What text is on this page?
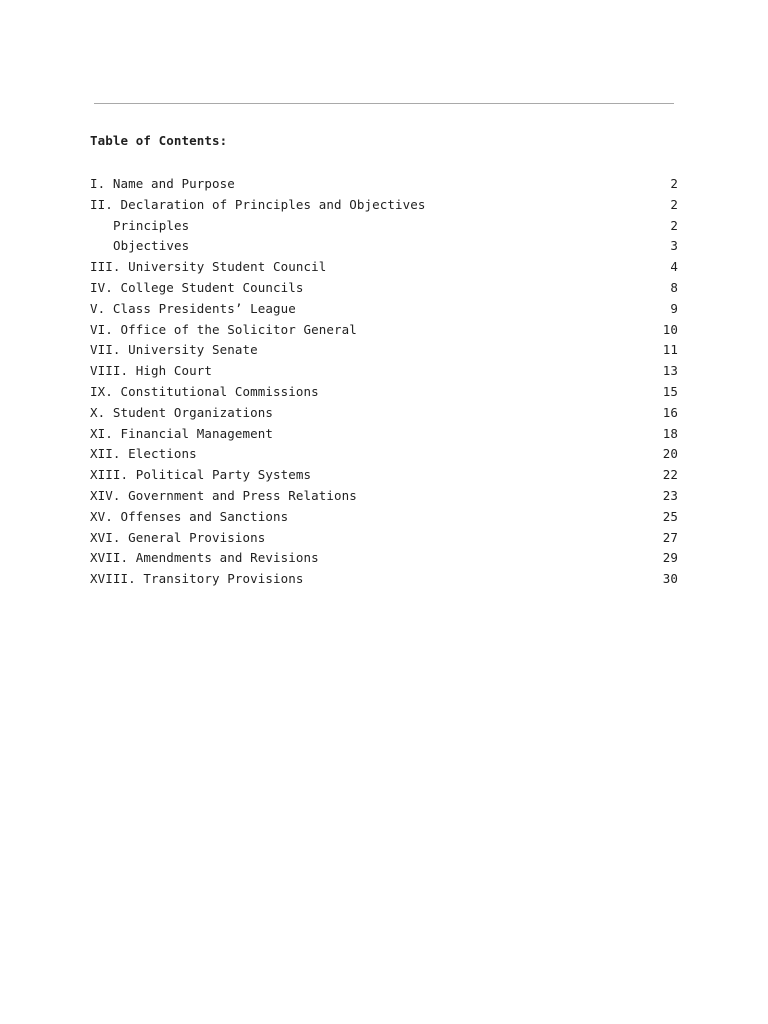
Table of Contents:
I. Name and Purpose	2
II. Declaration of Principles and Objectives	2
Principles	2
Objectives	3
III. University Student Council	4
IV. College Student Councils	8
V. Class Presidents’ League	9
VI. Office of the Solicitor General	10
VII. University Senate	11
VIII. High Court	13
IX. Constitutional Commissions	15
X. Student Organizations	16
XI. Financial Management	18
XII. Elections	20
XIII. Political Party Systems	22
XIV. Government and Press Relations	23
XV. Offenses and Sanctions	25
XVI. General Provisions	27
XVII. Amendments and Revisions	29
XVIII. Transitory Provisions	30
